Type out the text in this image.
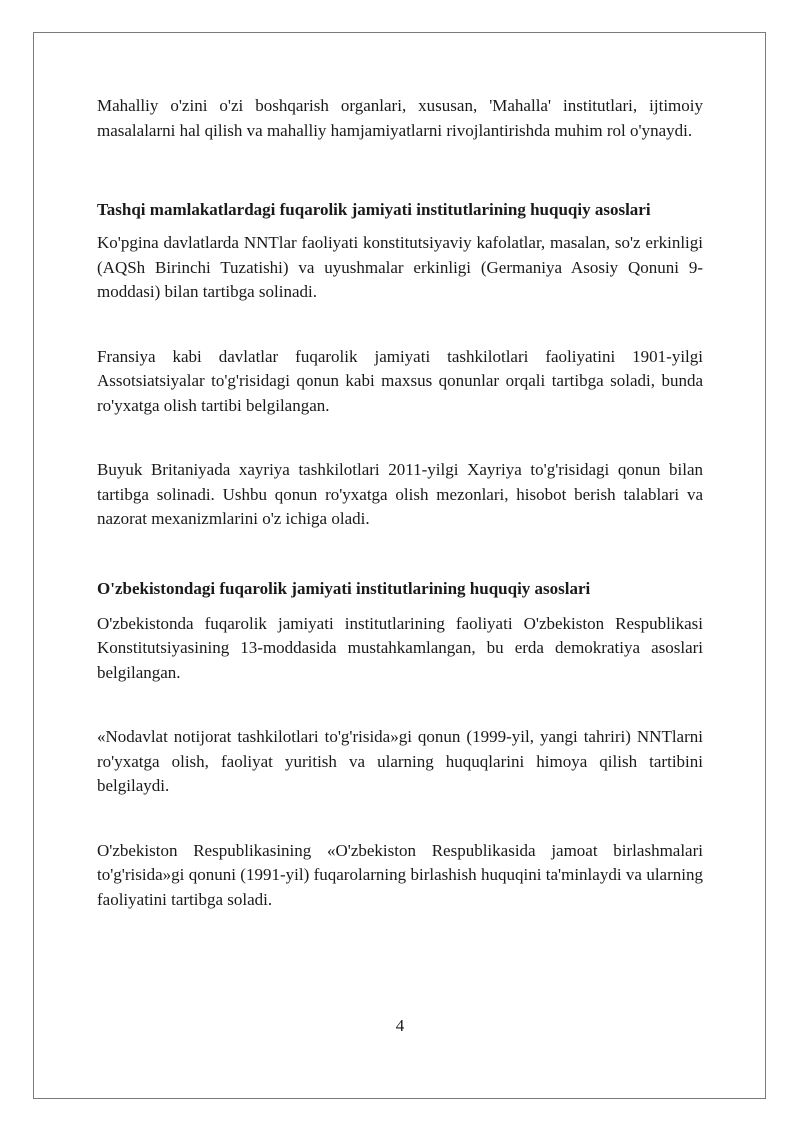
Mahalliy o'zini o'zi boshqarish organlari, xususan, 'Mahalla' institutlari, ijtimoiy masalalarni hal qilish va mahalliy hamjamiyatlarni rivojlantirishda muhim rol o'ynaydi.

Tashqi mamlakatlardagi fuqarolik jamiyati institutlarining huquqiy asoslari

Ko'pgina davlatlarda NNTlar faoliyati konstitutsiyaviy kafolatlar, masalan, so'z erkinligi (AQSh Birinchi Tuzatishi) va uyushmalar erkinligi (Germaniya Asosiy Qonuni 9-moddasi) bilan tartibga solinadi.

Fransiya kabi davlatlar fuqarolik jamiyati tashkilotlari faoliyatini 1901-yilgi Assotsiatsiyalar to'g'risidagi qonun kabi maxsus qonunlar orqali tartibga soladi, bunda ro'yxatga olish tartibi belgilangan.

Buyuk Britaniyada xayriya tashkilotlari 2011-yilgi Xayriya to'g'risidagi qonun bilan tartibga solinadi. Ushbu qonun ro'yxatga olish mezonlari, hisobot berish talablari va nazorat mexanizmlarini o'z ichiga oladi.

O'zbekistondagi fuqarolik jamiyati institutlarining huquqiy asoslari

O'zbekistonda fuqarolik jamiyati institutlarining faoliyati O'zbekiston Respublikasi Konstitutsiyasining 13-moddasida mustahkamlangan, bu erda demokratiya asoslari belgilangan.

«Nodavlat notijorat tashkilotlari to'g'risida»gi qonun (1999-yil, yangi tahriri) NNTlarni ro'yxatga olish, faoliyat yuritish va ularning huquqlarini himoya qilish tartibini belgilaydi.

O'zbekiston Respublikasining «O'zbekiston Respublikasida jamoat birlashmalari to'g'risida»gi qonuni (1991-yil) fuqarolarning birlashish huquqini ta'minlaydi va ularning faoliyatini tartibga soladi.

4
